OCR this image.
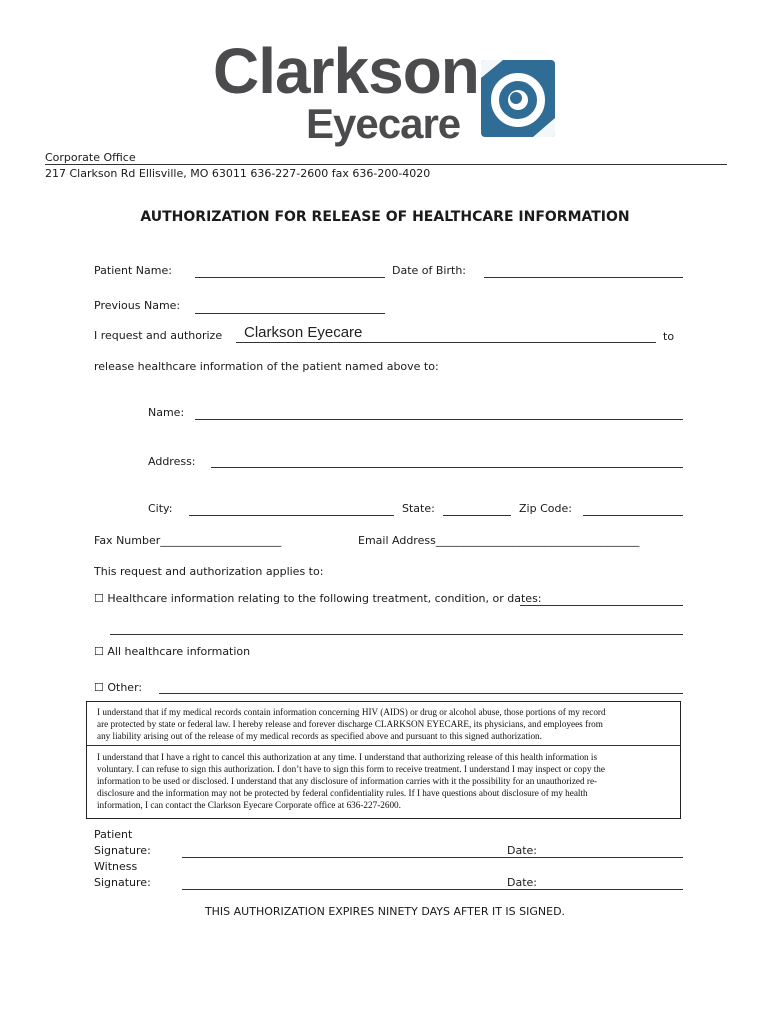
Clarkson
Eyecare
Corporate Office
217 Clarkson Rd Ellisville, MO 63011 636-227-2600 fax 636-200-4020
AUTHORIZATION FOR RELEASE OF HEALTHCARE INFORMATION
Patient Name:	Date of Birth:
Previous Name:
I request and authorize Clarkson Eyecare	to
release healthcare information of the patient named above to:
Name:
Address:
City:	State:	Zip Code:
Fax Number______________________	Email Address_____________________________________
This request and authorization applies to:
☐ Healthcare information relating to the following treatment, condition, or dates:
☐ All healthcare information
☐ Other:
I understand that if my medical records contain information concerning HIV (AIDS) or drug or alcohol abuse, those portions of my record
are protected by state or federal law. I hereby release and forever discharge CLARKSON EYECARE, its physicians, and employees from
any liability arising out of the release of my medical records as specified above and pursuant to this signed authorization.
I understand that I have a right to cancel this authorization at any time. I understand that authorizing release of this health information is
voluntary. I can refuse to sign this authorization. I don’t have to sign this form to receive treatment. I understand I may inspect or copy the
information to be used or disclosed. I understand that any disclosure of information carries with it the possibility for an unauthorized re-
disclosure and the information may not be protected by federal confidentiality rules. If I have questions about disclosure of my health
information, I can contact the Clarkson Eyecare Corporate office at 636-227-2600.
Patient
Signature:	Date:
Witness
Signature:	Date:
THIS AUTHORIZATION EXPIRES NINETY DAYS AFTER IT IS SIGNED.
